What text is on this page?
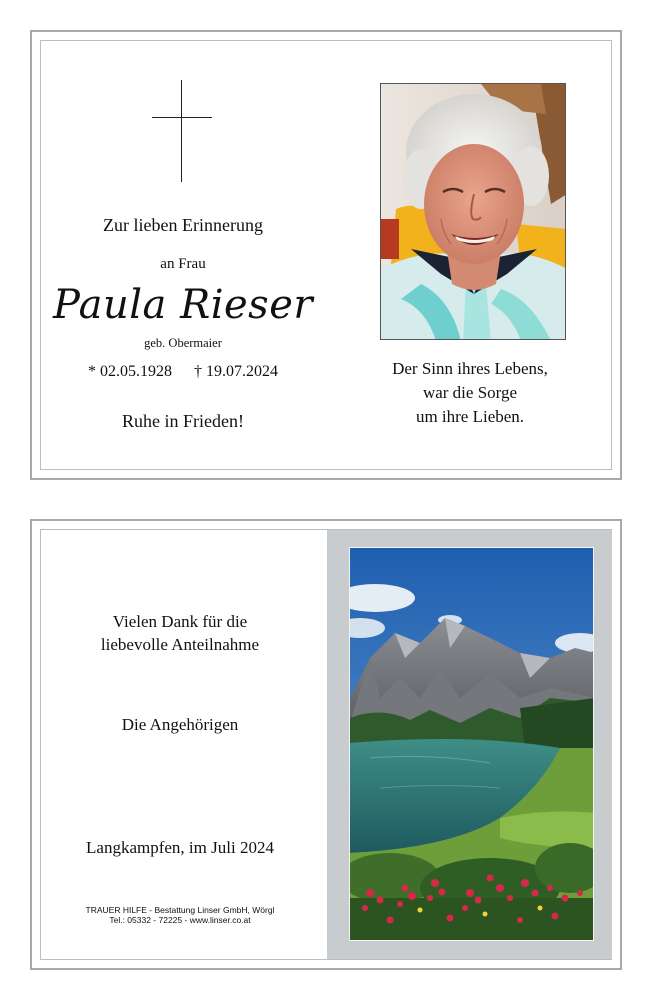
Zur lieben Erinnerung
an Frau
Paula Rieser
geb. Obermaier
* 02.05.1928 † 19.07.2024
Ruhe in Frieden!
Der Sinn ihres Lebens,
war die Sorge
um ihre Lieben.
Vielen Dank für die
liebevolle Anteilnahme
Die Angehörigen
Langkampfen, im Juli 2024
TRAUER HILFE - Bestattung Linser GmbH, Wörgl
Tel.: 05332 - 72225 - www.linser.co.at
